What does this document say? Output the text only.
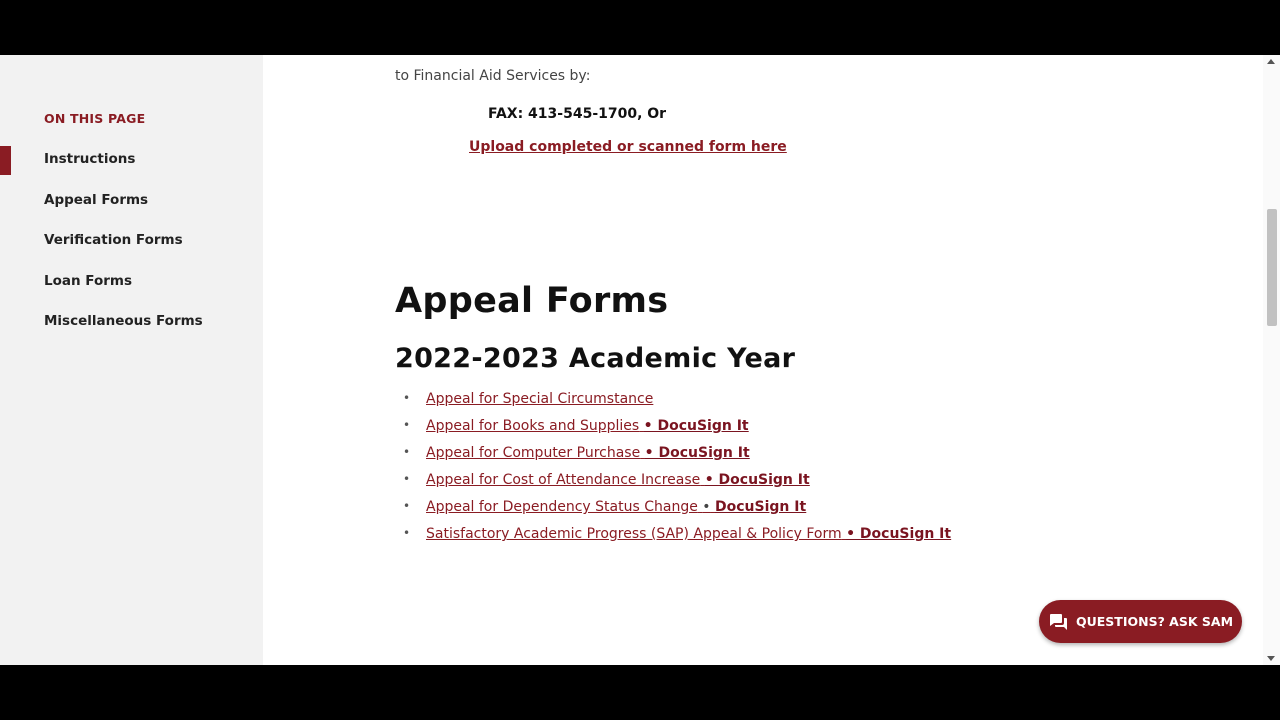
ON THIS PAGE
Instructions
Appeal Forms
Verification Forms
Loan Forms
Miscellaneous Forms
to Financial Aid Services by:
FAX: 413-545-1700, Or
Upload completed or scanned form here
Appeal Forms
2022-2023 Academic Year
• Appeal for Special Circumstance
• Appeal for Books and Supplies • DocuSign It
• Appeal for Computer Purchase • DocuSign It
• Appeal for Cost of Attendance Increase • DocuSign It
• Appeal for Dependency Status Change • DocuSign It
• Satisfactory Academic Progress (SAP) Appeal & Policy Form • DocuSign It
QUESTIONS? ASK SAM
